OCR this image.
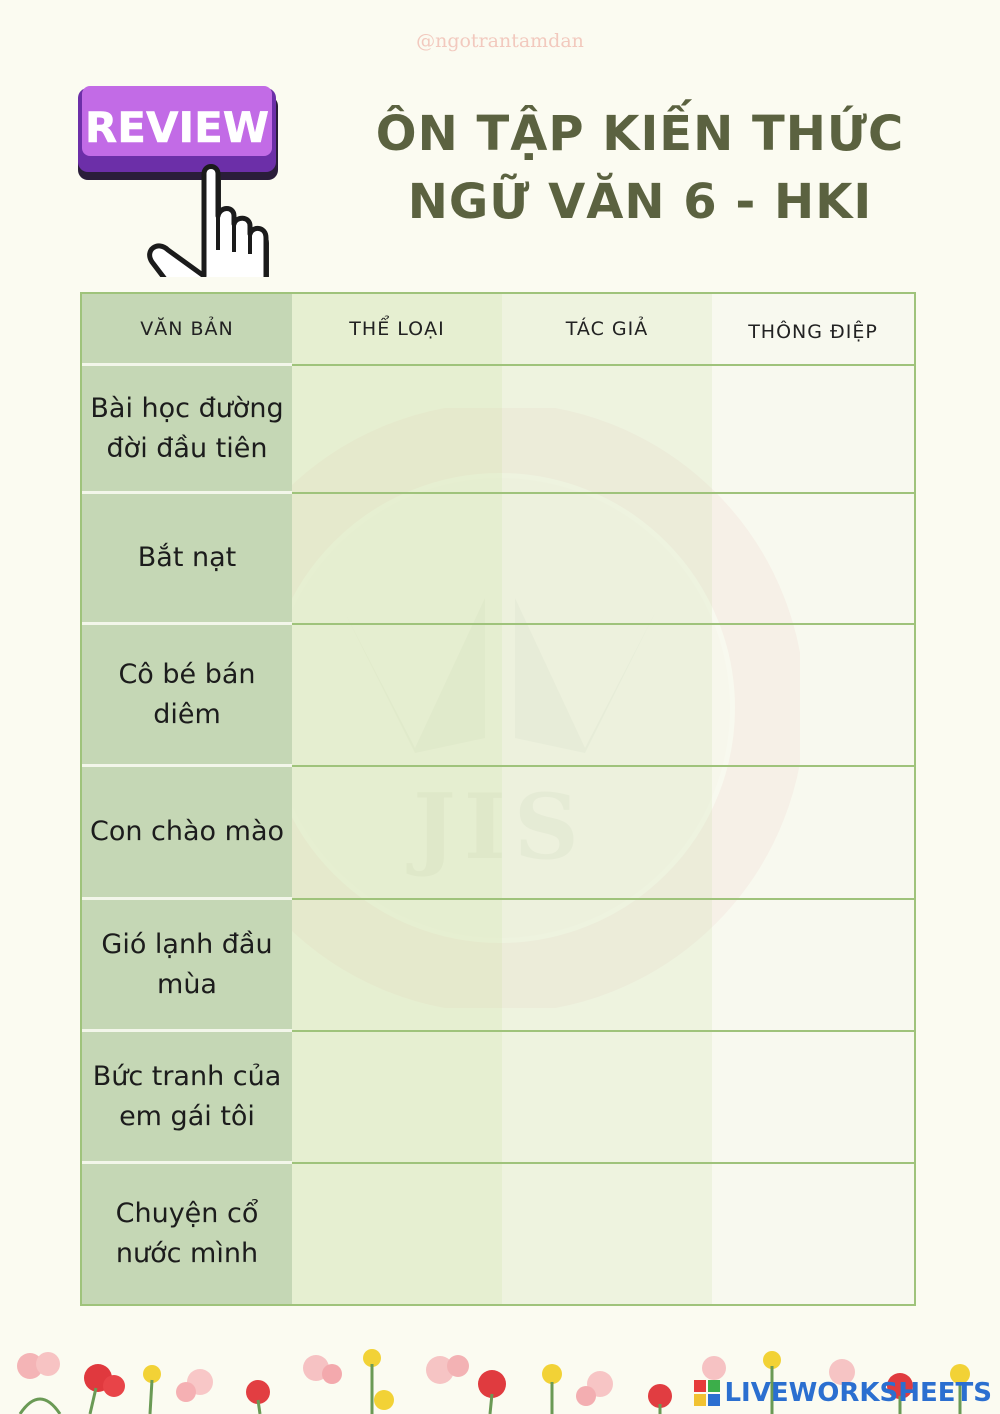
@ngotrantamdan
REVIEW	ÔN TẬP KIẾN THỨC
NGỮ VĂN 6 - HKI
VĂN BẢN	THỂ LOẠI	TÁC GIẢ	THÔNG ĐIỆP
Bài học đường đời đầu tiên
Bắt nạt
Cô bé bán diêm
Con chào mào
Gió lạnh đầu mùa
Bức tranh của em gái tôi
Chuyện cổ nước mình
LIVEWORKSHEETS
